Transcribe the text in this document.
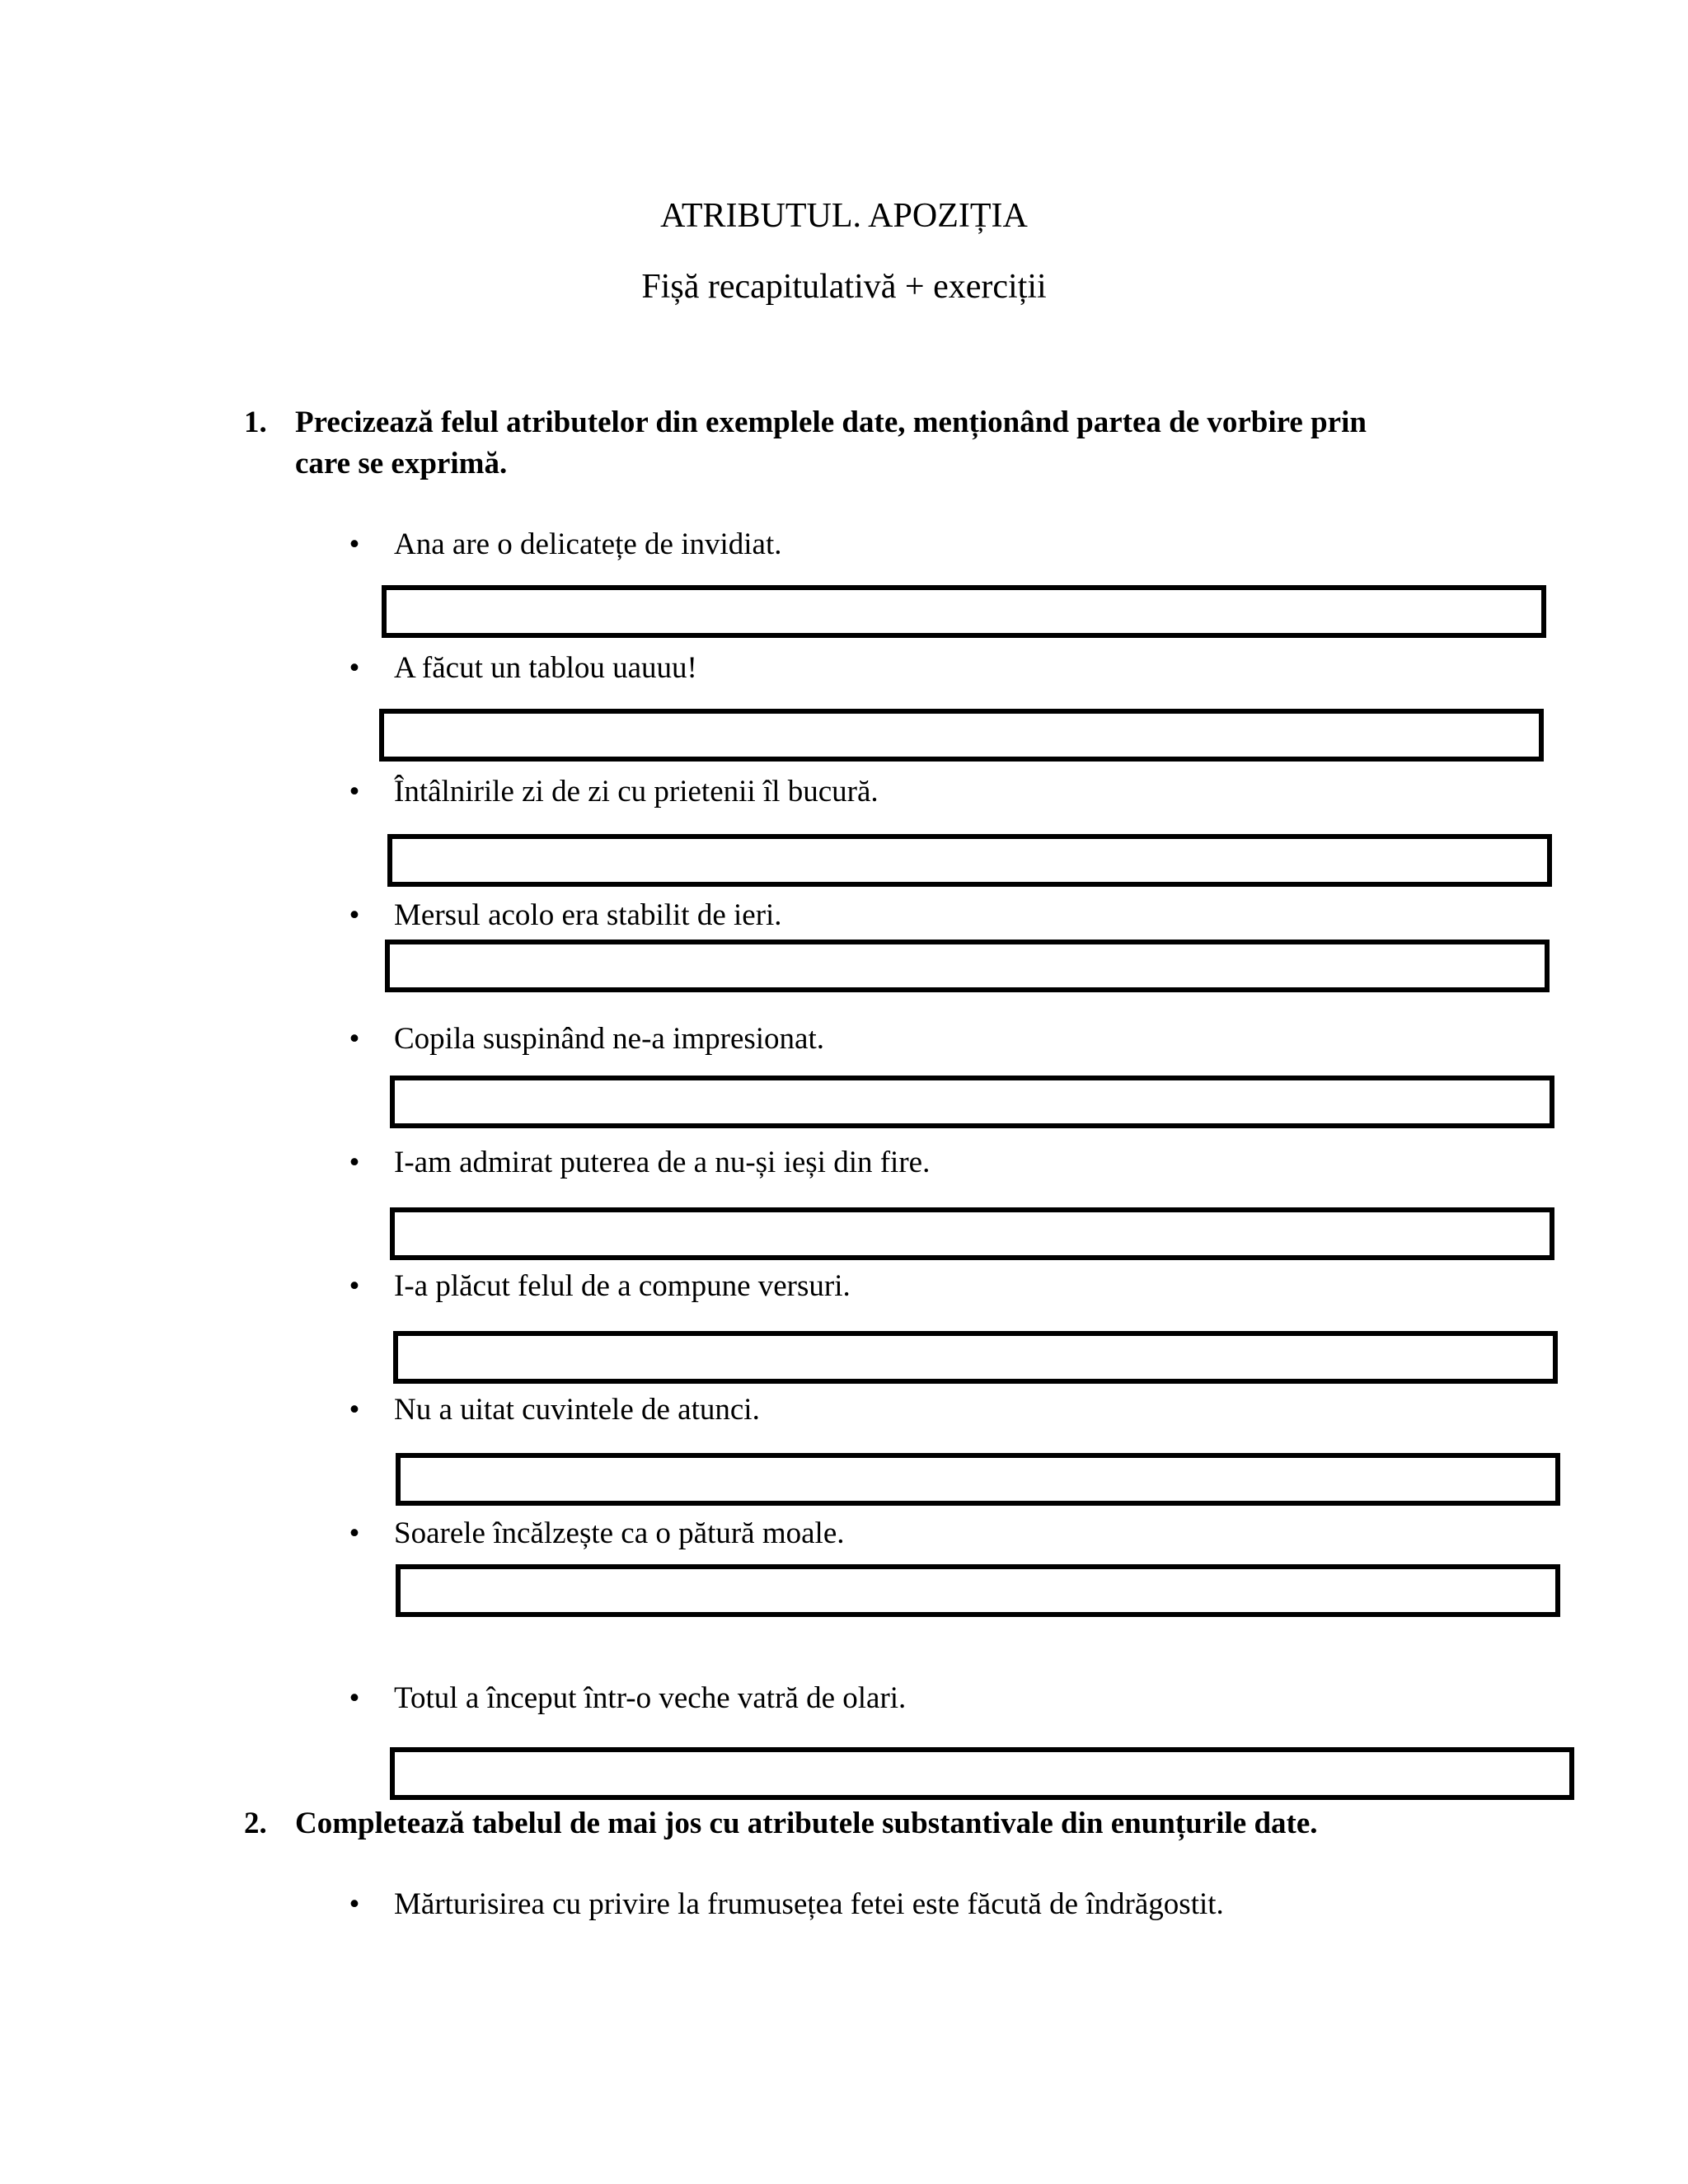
ATRIBUTUL. APOZIȚIA
Fișă recapitulativă + exerciții
1. Precizează felul atributelor din exemplele date, menționând partea de vorbire prin
care se exprimă.
• Ana are o delicatețe de invidiat.
• A făcut un tablou uauuu!
• Întâlnirile zi de zi cu prietenii îl bucură.
• Mersul acolo era stabilit de ieri.
• Copila suspinând ne-a impresionat.
• I-am admirat puterea de a nu-și ieși din fire.
• I-a plăcut felul de a compune versuri.
• Nu a uitat cuvintele de atunci.
• Soarele încălzește ca o pătură moale.
• Totul a început într-o veche vatră de olari.
2. Completează tabelul de mai jos cu atributele substantivale din enunțurile date.
• Mărturisirea cu privire la frumusețea fetei este făcută de îndrăgostit.
